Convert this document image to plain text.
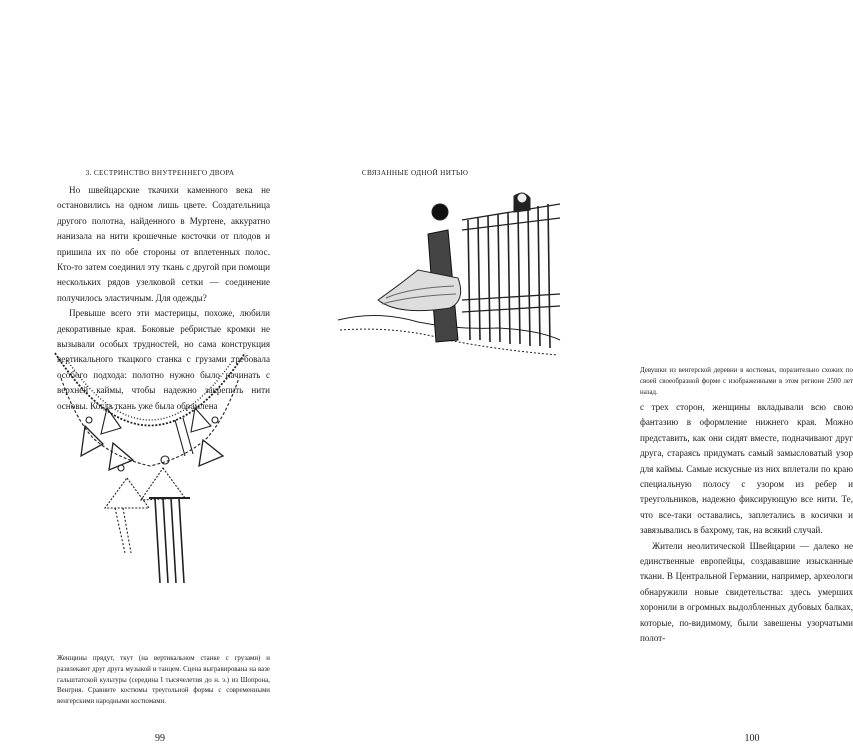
3. СЕСТРИНСТВО ВНУТРЕННЕГО ДВОРА

Но швейцарские ткачихи каменного века не остановились на одном лишь цвете. Создательница другого полотна, найденного в Муртене, аккуратно нанизала на нити крошечные косточки от плодов и пришила их по обе стороны от вплетенных полос. Кто-то затем соединил эту ткань с другой при помощи нескольких рядов узелковой сетки — соединение получилось эластичным. Для одежды?

Превыше всего эти мастерицы, похоже, любили декоративные края. Боковые ребристые кромки не вызывали особых трудностей, но сама конструкция вертикального ткацкого станка с грузами требовала особого подхода: полотно нужно было начинать с верхней каймы, чтобы надежно закрепить нити основы. Когда ткань уже была обрамлена

Женщины прядут, ткут (на вертикальном станке с грузами) и развлекают друг друга музыкой и танцем. Сцена выгравирована на вазе гальштатской культуры (середина I тысячелетия до н. э.) из Шопрона, Венгрия. Сравните костюмы треугольной формы с современными венгерскими народными костюмами.
99
СВЯЗАННЫЕ ОДНОЙ НИТЬЮ
Девушки из венгерской деревни в костюмах, поразительно схожих по своей своеобразной форме с изображенными в этом регионе 2500 лет назад.

с трех сторон, женщины вкладывали всю свою фантазию в оформление нижнего края. Можно представить, как они сидят вместе, подначивают друг друга, стараясь придумать самый замысловатый узор для каймы. Самые искусные из них вплетали по краю специальную полосу с узором из ребер и треугольников, надежно фиксирующую все нити. Те, что все-таки оставались, заплетались в косички и завязывались в бахрому, так, на всякий случай.

Жители неолитической Швейцарии — далеко не единственные европейцы, создававшие изысканные ткани. В Центральной Германии, например, археологи обнаружили новые свидетельства: здесь умерших хоронили в огромных выдолбленных дубовых балках, которые, по-видимому, были завешены узорчатыми полот-

100
